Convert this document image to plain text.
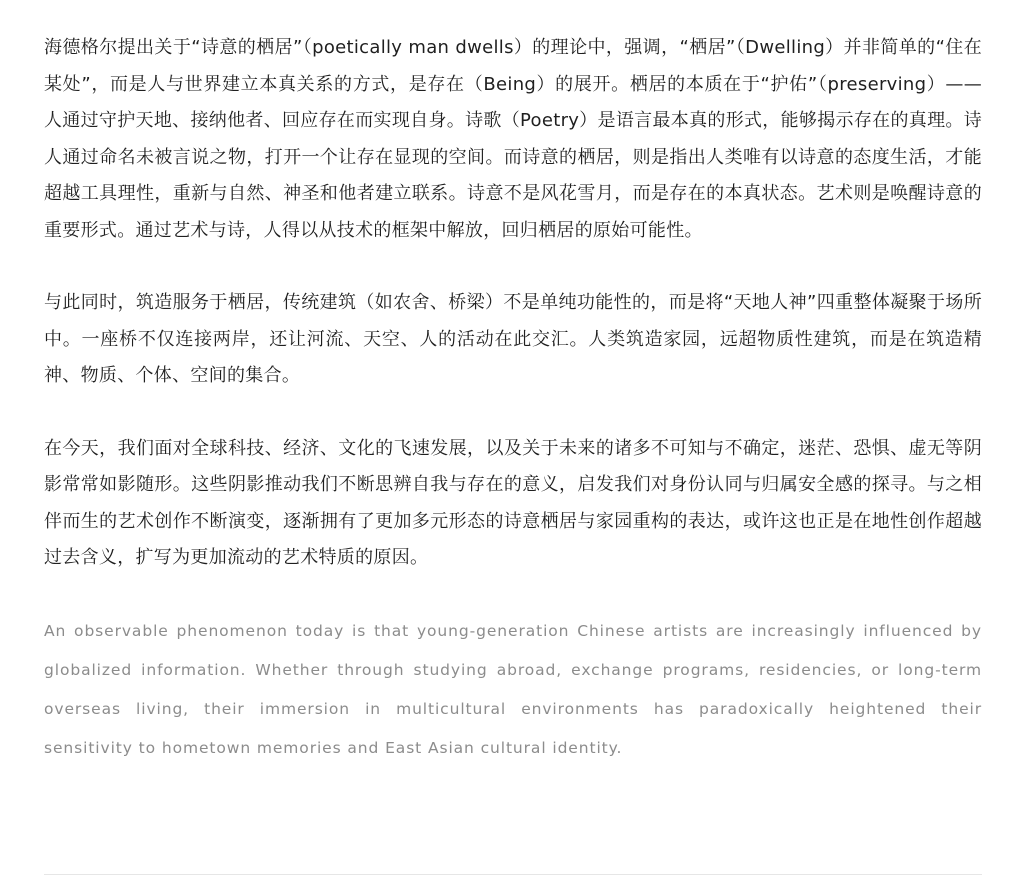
海德格尔提出关于“诗意的栖居”（poetically man dwells）的理论中，强调，“栖居”（Dwelling）并非简单的“住在某处”，而是人与世界建立本真关系的方式，是存在（Being）的展开。栖居的本质在于“护佑”（preserving）——人通过守护天地、接纳他者、回应存在而实现自身。诗歌（Poetry）是语言最本真的形式，能够揭示存在的真理。诗人通过命名未被言说之物，打开一个让存在显现的空间。而诗意的栖居，则是指出人类唯有以诗意的态度生活，才能超越工具理性，重新与自然、神圣和他者建立联系。诗意不是风花雪月，而是存在的本真状态。艺术则是唤醒诗意的重要形式。通过艺术与诗，人得以从技术的框架中解放，回归栖居的原始可能性。

与此同时，筑造服务于栖居，传统建筑（如农舍、桥梁）不是单纯功能性的，而是将“天地人神”四重整体凝聚于场所中。一座桥不仅连接两岸，还让河流、天空、人的活动在此交汇。人类筑造家园，远超物质性建筑，而是在筑造精神、物质、个体、空间的集合。

在今天，我们面对全球科技、经济、文化的飞速发展，以及关于未来的诸多不可知与不确定，迷茫、恐惧、虚无等阴影常常如影随形。这些阴影推动我们不断思辨自我与存在的意义，启发我们对身份认同与归属安全感的探寻。与之相伴而生的艺术创作不断演变，逐渐拥有了更加多元形态的诗意栖居与家园重构的表达，或许这也正是在地性创作超越过去含义，扩写为更加流动的艺术特质的原因。

An observable phenomenon today is that young-generation Chinese artists are increasingly influenced by globalized information. Whether through studying abroad, exchange programs, residencies, or long-term overseas living, their immersion in multicultural environments has paradoxically heightened their sensitivity to hometown memories and East Asian cultural identity.
